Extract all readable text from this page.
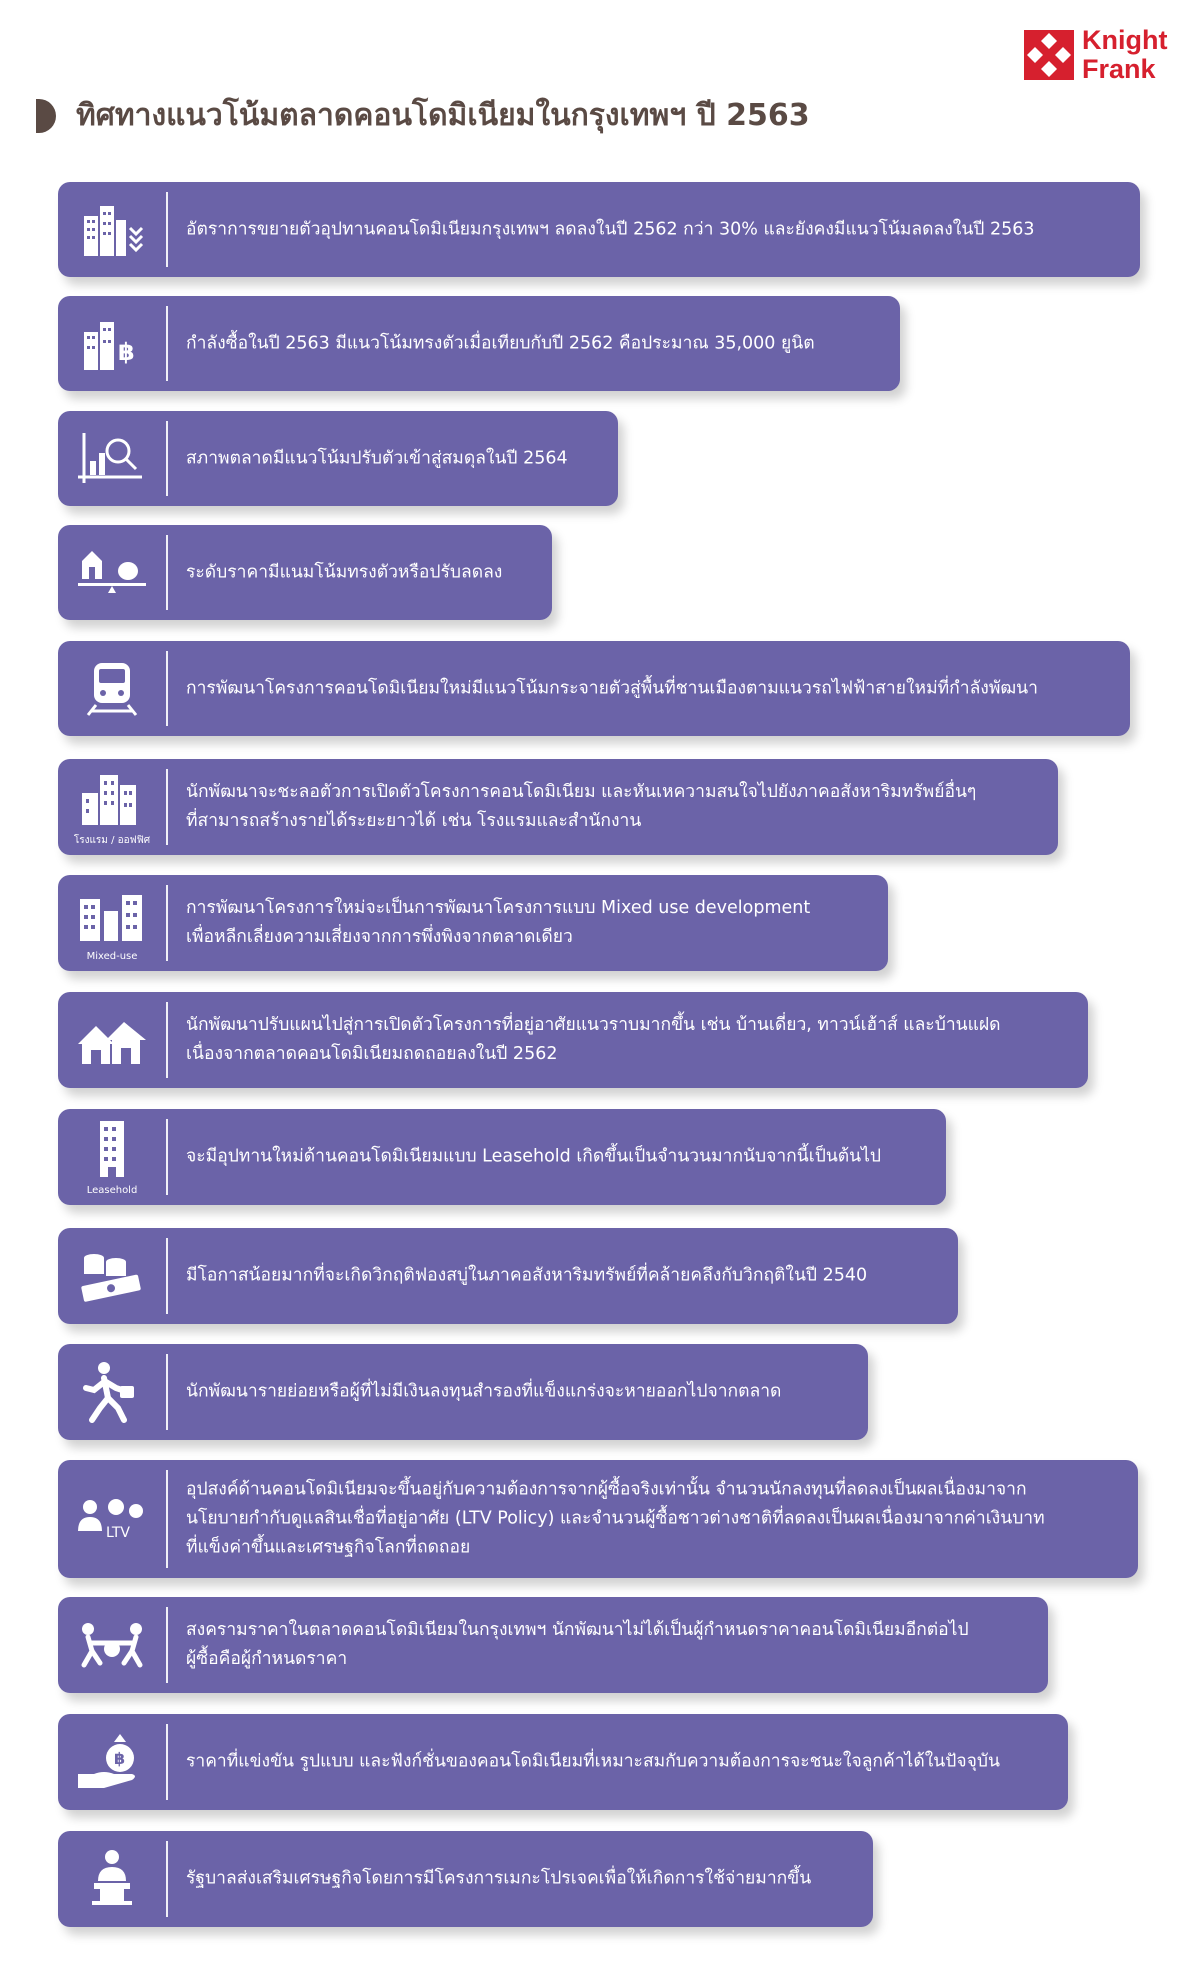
Knight
Frank
ทิศทางแนวโน้มตลาดคอนโดมิเนียมในกรุงเทพฯ ปี 2563
อัตราการขยายตัวอุปทานคอนโดมิเนียมกรุงเทพฯ ลดลงในปี 2562 กว่า 30% และยังคงมีแนวโน้มลดลงในปี 2563
฿	กำลังซื้อในปี 2563 มีแนวโน้มทรงตัวเมื่อเทียบกับปี 2562 คือประมาณ 35,000 ยูนิต
สภาพตลาดมีแนวโน้มปรับตัวเข้าสู่สมดุลในปี 2564
ระดับราคามีแนมโน้มทรงตัวหรือปรับลดลง
การพัฒนาโครงการคอนโดมิเนียมใหม่มีแนวโน้มกระจายตัวสู่พื้นที่ชานเมืองตามแนวรถไฟฟ้าสายใหม่ที่กำลังพัฒนา
โรงแรม / ออฟฟิศ
นักพัฒนาจะชะลอตัวการเปิดตัวโครงการคอนโดมิเนียม และหันเหความสนใจไปยังภาคอสังหาริมทรัพย์อื่นๆ
ที่สามารถสร้างรายได้ระยะยาวได้ เช่น โรงแรมและสำนักงาน
Mixed-use
การพัฒนาโครงการใหม่จะเป็นการพัฒนาโครงการแบบ Mixed use development
เพื่อหลีกเลี่ยงความเสี่ยงจากการพึ่งพิงจากตลาดเดียว
นักพัฒนาปรับแผนไปสู่การเปิดตัวโครงการที่อยู่อาศัยแนวราบมากขึ้น เช่น บ้านเดี่ยว, ทาวน์เฮ้าส์ และบ้านแฝด
เนื่องจากตลาดคอนโดมิเนียมถดถอยลงในปี 2562
Leasehold
จะมีอุปทานใหม่ด้านคอนโดมิเนียมแบบ Leasehold เกิดขึ้นเป็นจำนวนมากนับจากนี้เป็นต้นไป
มีโอกาสน้อยมากที่จะเกิดวิกฤติฟองสบู่ในภาคอสังหาริมทรัพย์ที่คล้ายคลึงกับวิกฤติในปี 2540
นักพัฒนารายย่อยหรือผู้ที่ไม่มีเงินลงทุนสำรองที่แข็งแกร่งจะหายออกไปจากตลาด
LTV
อุปสงค์ด้านคอนโดมิเนียมจะขึ้นอยู่กับความต้องการจากผู้ซื้อจริงเท่านั้น จำนวนนักลงทุนที่ลดลงเป็นผลเนื่องมาจาก
นโยบายกำกับดูแลสินเชื่อที่อยู่อาศัย (LTV Policy) และจำนวนผู้ซื้อชาวต่างชาติที่ลดลงเป็นผลเนื่องมาจากค่าเงินบาท
ที่แข็งค่าขึ้นและเศรษฐกิจโลกที่ถดถอย
สงครามราคาในตลาดคอนโดมิเนียมในกรุงเทพฯ นักพัฒนาไม่ได้เป็นผู้กำหนดราคาคอนโดมิเนียมอีกต่อไป
ผู้ซื้อคือผู้กำหนดราคา
฿	ราคาที่แข่งขัน รูปแบบ และฟังก์ชั่นของคอนโดมิเนียมที่เหมาะสมกับความต้องการจะชนะใจลูกค้าได้ในปัจจุบัน
รัฐบาลส่งเสริมเศรษฐกิจโดยการมีโครงการเมกะโปรเจคเพื่อให้เกิดการใช้จ่ายมากขึ้น
